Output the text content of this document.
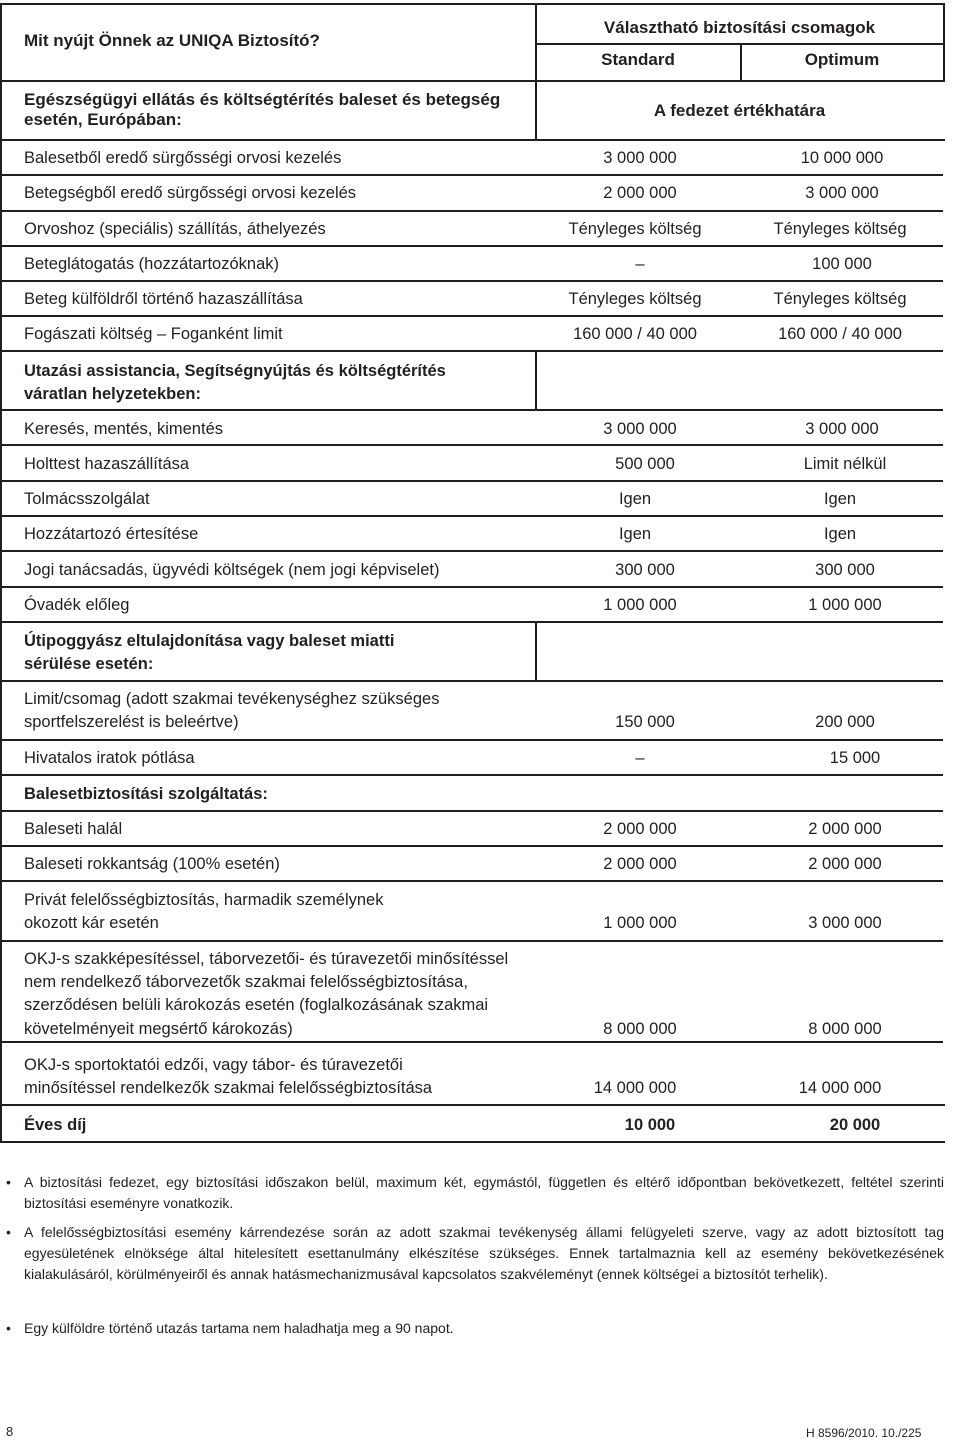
Mit nyújt Önnek az UNIQA Biztosító?
Választható biztosítási csomagok
Standard	Optimum
Egészségügyi ellátás és költségtérítés baleset és betegség
esetén, Európában:	A fedezet értékhatára
Balesetből eredő sürgősségi orvosi kezelés	3 000 000	10 000 000
Betegségből eredő sürgősségi orvosi kezelés	2 000 000	3 000 000
Orvoshoz (speciális) szállítás, áthelyezés	Tényleges költség	Tényleges költség
Beteglátogatás (hozzátartozóknak)	–	100 000
Beteg külföldről történő hazaszállítása	Tényleges költség	Tényleges költség
Fogászati költség – Foganként limit	160 000 / 40 000	160 000 / 40 000
Utazási assistancia, Segítségnyújtás és költségtérítés
váratlan helyzetekben:
Keresés, mentés, kimentés	3 000 000	3 000 000
Holttest hazaszállítása	500 000	Limit nélkül
Tolmácsszolgálat	Igen	Igen
Hozzátartozó értesítése	Igen	Igen
Jogi tanácsadás, ügyvédi költségek (nem jogi képviselet)	300 000	300 000
Óvadék előleg	1 000 000	1 000 000
Útipoggyász eltulajdonítása vagy baleset miatti
sérülése esetén:
Limit/csomag (adott szakmai tevékenységhez szükséges
sportfelszerelést is beleértve)	150 000	200 000
Hivatalos iratok pótlása	–	15 000
Balesetbiztosítási szolgáltatás:
Baleseti halál	2 000 000	2 000 000
Baleseti rokkantság (100% esetén)	2 000 000	2 000 000
Privát felelősségbiztosítás, harmadik személynek
okozott kár esetén	1 000 000	3 000 000
OKJ-s szakképesítéssel, táborvezetői- és túravezetői minősítéssel
nem rendelkező táborvezetők szakmai felelősségbiztosítása,
szerződésen belüli károkozás esetén (foglalkozásának szakmai
követelményeit megsértő károkozás)	8 000 000	8 000 000
OKJ-s sportoktatói edzői, vagy tábor- és túravezetői
minősítéssel rendelkezők szakmai felelősségbiztosítása	14 000 000	14 000 000
Éves díj	10 000	20 000
• A biztosítási fedezet, egy biztosítási időszakon belül, maximum két, egymástól, független és eltérő időpontban bekövetkezett, feltétel szerinti biztosítási eseményre vonatkozik.
• A felelősségbiztosítási esemény kárrendezése során az adott szakmai tevékenység állami felügyeleti szerve, vagy az adott biztosított tag egyesületének elnöksége által hitelesített esettanulmány elkészítése szükséges. Ennek tartalmaznia kell az esemény bekövetkezésének kialakulásáról, körülményeiről és annak hatásmechanizmusával kapcsolatos szakvéleményt (ennek költségei a biztosítót terhelik).
• Egy külföldre történő utazás tartama nem haladhatja meg a 90 napot.
8	H 8596/2010. 10./225
